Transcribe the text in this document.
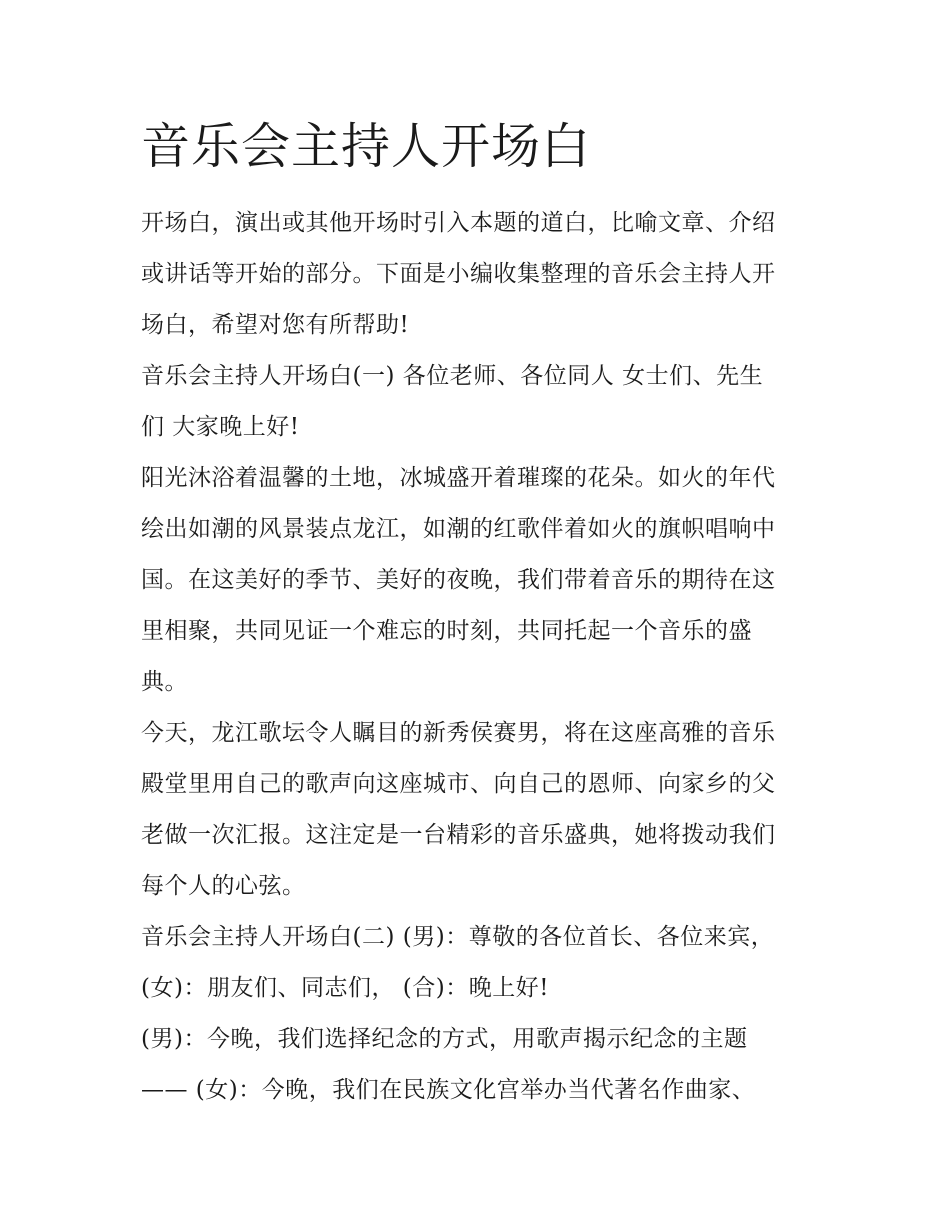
音乐会主持人开场白
开场白，演出或其他开场时引入本题的道白，比喻文章、介绍
或讲话等开始的部分。下面是小编收集整理的音乐会主持人开
场白，希望对您有所帮助!
音乐会主持人开场白(一) 各位老师、各位同人 女士们、先生
们 大家晚上好!
阳光沐浴着温馨的土地，冰城盛开着璀璨的花朵。如火的年代
绘出如潮的风景装点龙江，如潮的红歌伴着如火的旗帜唱响中
国。在这美好的季节、美好的夜晚，我们带着音乐的期待在这
里相聚，共同见证一个难忘的时刻，共同托起一个音乐的盛
典。
今天，龙江歌坛令人瞩目的新秀侯赛男，将在这座高雅的音乐
殿堂里用自己的歌声向这座城市、向自己的恩师、向家乡的父
老做一次汇报。这注定是一台精彩的音乐盛典，她将拨动我们
每个人的心弦。
音乐会主持人开场白(二) (男)：尊敬的各位首长、各位来宾，
(女)：朋友们、同志们， (合)：晚上好!
(男)：今晚，我们选择纪念的方式，用歌声揭示纪念的主题
—— (女)：今晚，我们在民族文化宫举办当代著名作曲家、
